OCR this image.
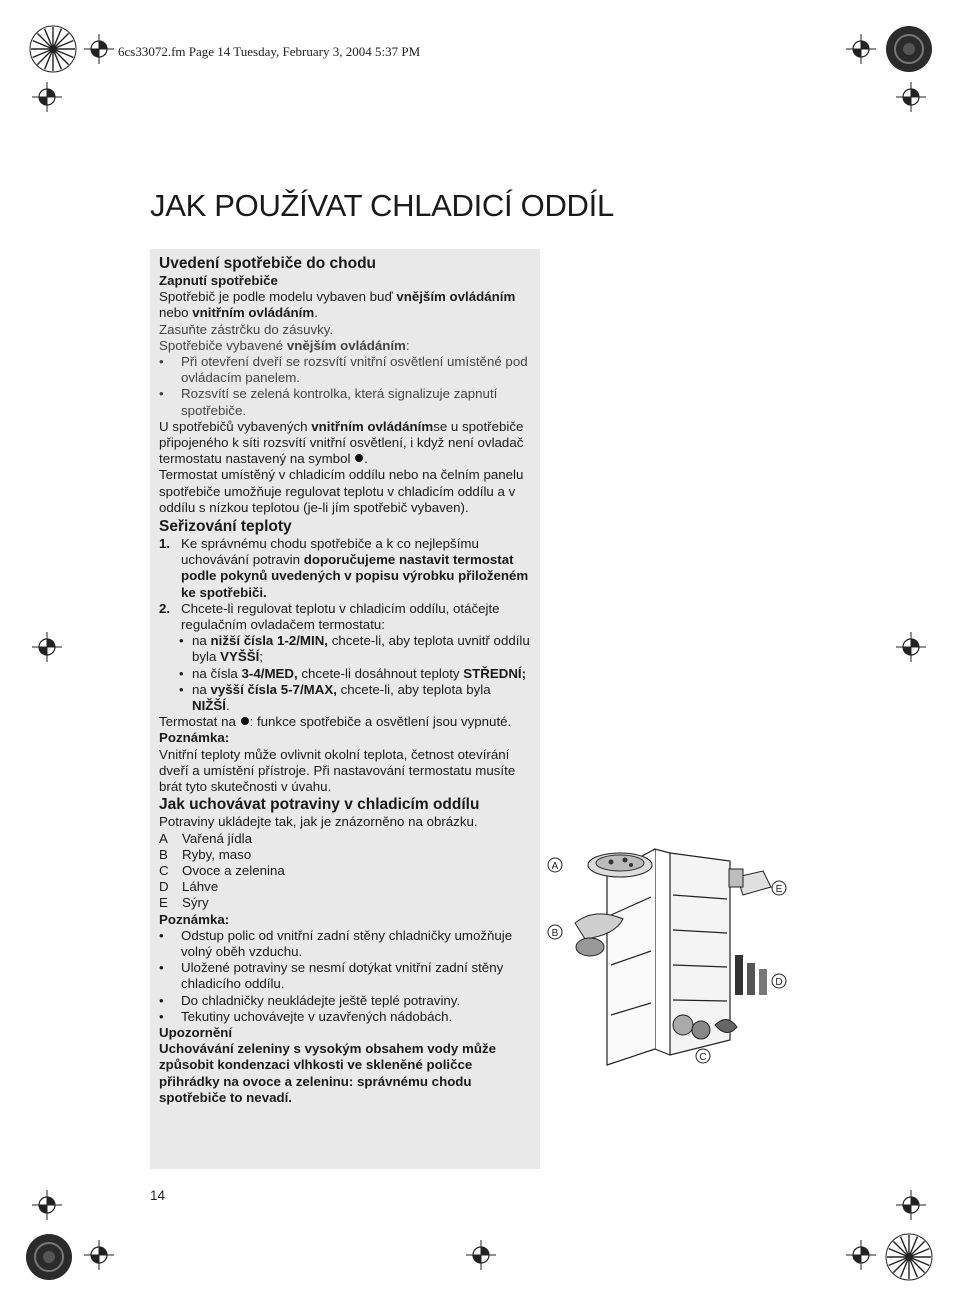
6cs33072.fm Page 14 Tuesday, February 3, 2004 5:37 PM
JAK POUŽÍVAT CHLADICÍ ODDÍL

Uvedení spotřebiče do chodu

Zapnutí spotřebiče

Spotřebič je podle modelu vybaven buď vnějším ovládáním nebo vnitřním ovládáním.

Zasuňte zástrčku do zásuvky.

Spotřebiče vybavené vnějším ovládáním:

• Při otevření dveří se rozsvítí vnitřní osvětlení umístěné pod ovládacím panelem.

• Rozsvítí se zelená kontrolka, která signalizuje zapnutí spotřebiče.

U spotřebičů vybavených vnitřním ovládánímse u spotřebiče připojeného k síti rozsvítí vnitřní osvětlení, i když není ovladač termostatu nastavený na symbol .

Termostat umístěný v chladicím oddílu nebo na čelním panelu spotřebiče umožňuje regulovat teplotu v chladicím oddílu a v oddílu s nízkou teplotou (je-li jím spotřebič vybaven).

Seřizování teploty

1. Ke správnému chodu spotřebiče a k co nejlepšímu uchovávání potravin doporučujeme nastavit termostat podle pokynů uvedených v popisu výrobku přiloženém ke spotřebiči.

2. Chcete-li regulovat teplotu v chladicím oddílu, otáčejte regulačním ovladačem termostatu:

• na nižší čísla 1-2/MIN, chcete-li, aby teplota uvnitř oddílu byla VYŠŠÍ;

• na čísla 3-4/MED, chcete-li dosáhnout teploty STŘEDNÍ;

• na vyšší čísla 5-7/MAX, chcete-li, aby teplota byla NIŽŠÍ.

Termostat na : funkce spotřebiče a osvětlení jsou vypnuté.

Poznámka:

Vnitřní teploty může ovlivnit okolní teplota, četnost otevírání dveří a umístění přístroje. Při nastavování termostatu musíte brát tyto skutečnosti v úvahu.

Jak uchovávat potraviny v chladicím oddílu

Potraviny ukládejte tak, jak je znázorněno na obrázku.

A	Vařená jídla
B	Ryby, maso
C	Ovoce a zelenina
D	Láhve
E	Sýry

Poznámka:

• Odstup polic od vnitřní zadní stěny chladničky umožňuje volný oběh vzduchu.

• Uložené potraviny se nesmí dotýkat vnitřní zadní stěny chladicího oddílu.

• Do chladničky neukládejte ještě teplé potraviny.

• Tekutiny uchovávejte v uzavřených nádobách.

Upozornění

Uchovávání zeleniny s vysokým obsahem vody může způsobit kondenzaci vlhkosti ve skleněné poličce přihrádky na ovoce a zeleninu: správnému chodu spotřebiče to nevadí.

14
A
B
C
D
E
